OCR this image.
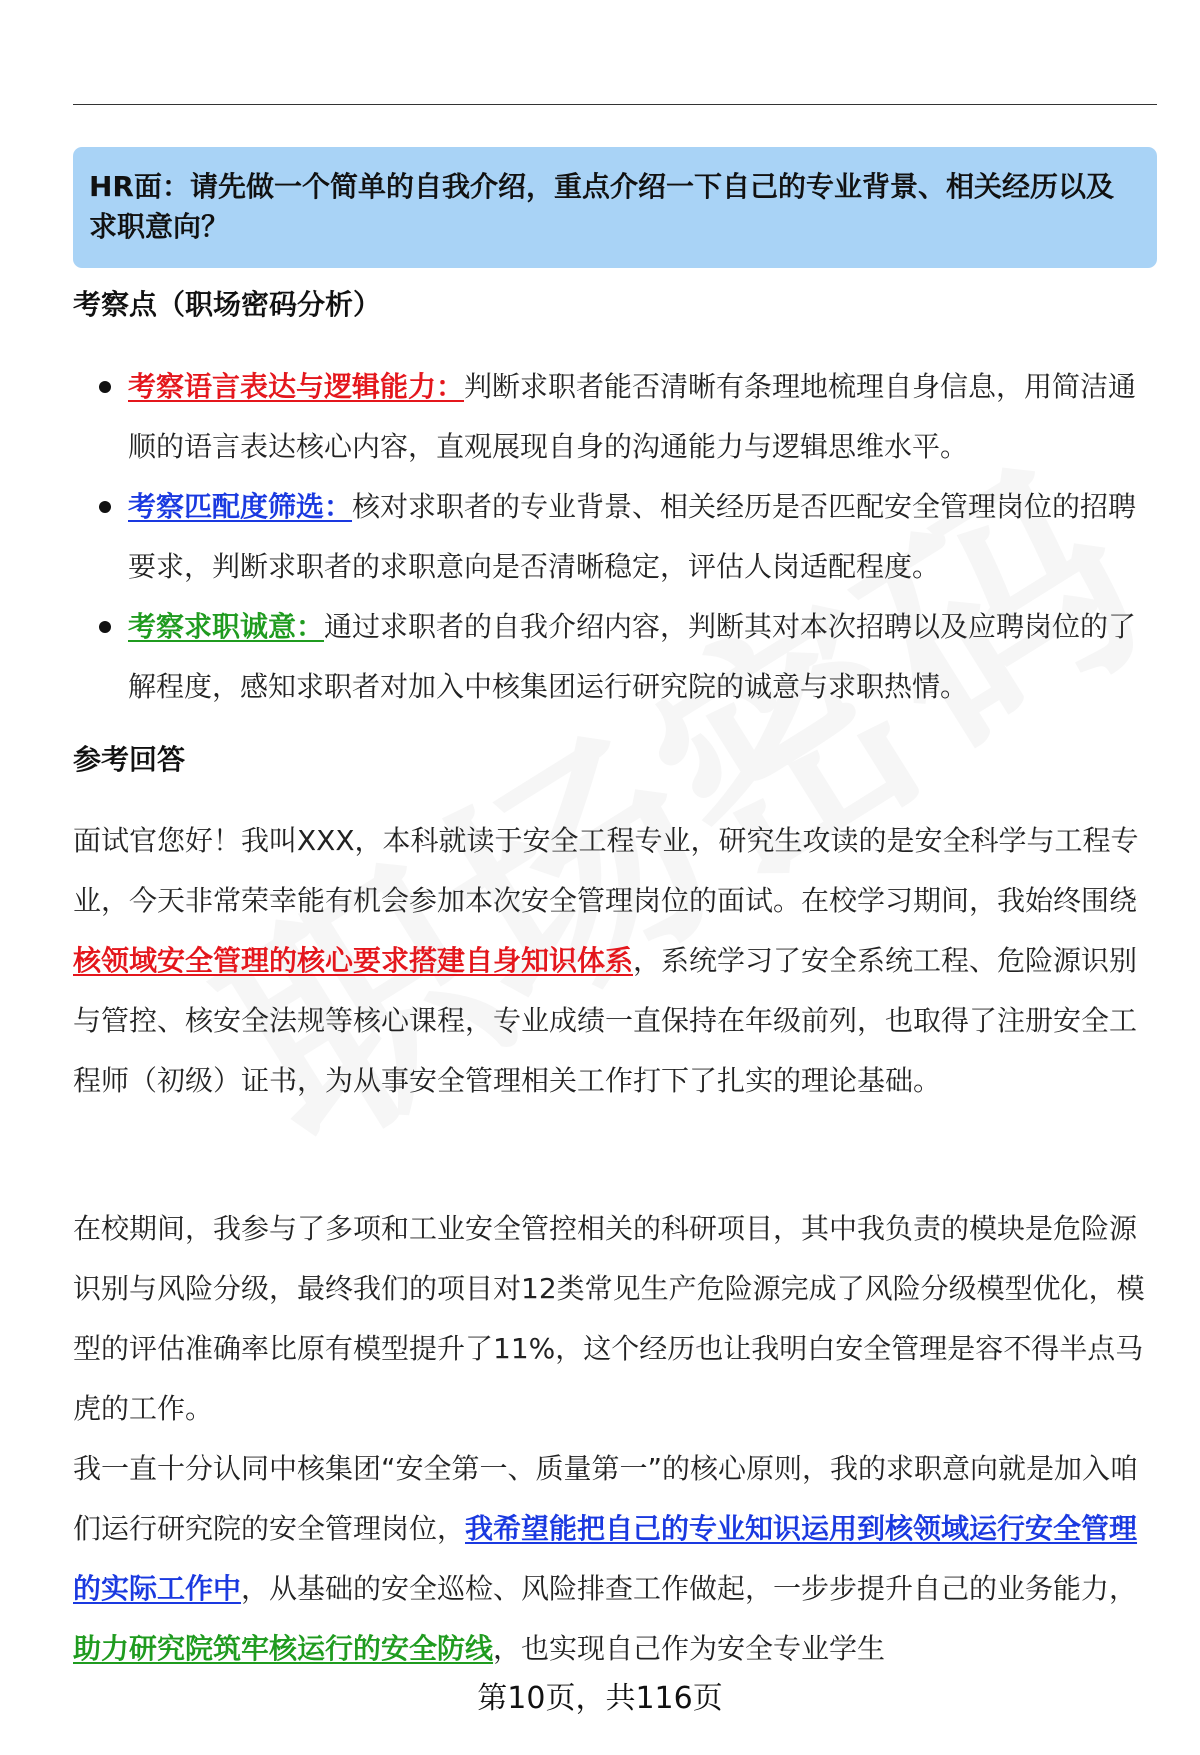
HR面：请先做一个简单的自我介绍，重点介绍一下自己的专业背景、相关经历以及求职意向？
考察点（职场密码分析）
考察语言表达与逻辑能力：判断求职者能否清晰有条理地梳理自身信息，用简洁通顺的语言表达核心内容，直观展现自身的沟通能力与逻辑思维水平。
考察匹配度筛选：核对求职者的专业背景、相关经历是否匹配安全管理岗位的招聘要求，判断求职者的求职意向是否清晰稳定，评估人岗适配程度。
考察求职诚意：通过求职者的自我介绍内容，判断其对本次招聘以及应聘岗位的了解程度，感知求职者对加入中核集团运行研究院的诚意与求职热情。
参考回答
面试官您好！我叫XXX，本科就读于安全工程专业，研究生攻读的是安全科学与工程专业，今天非常荣幸能有机会参加本次安全管理岗位的面试。在校学习期间，我始终围绕核领域安全管理的核心要求搭建自身知识体系，系统学习了安全系统工程、危险源识别与管控、核安全法规等核心课程，专业成绩一直保持在年级前列，也取得了注册安全工程师（初级）证书，为从事安全管理相关工作打下了扎实的理论基础。
在校期间，我参与了多项和工业安全管控相关的科研项目，其中我负责的模块是危险源识别与风险分级，最终我们的项目对12类常见生产危险源完成了风险分级模型优化，模型的评估准确率比原有模型提升了11%，这个经历也让我明白安全管理是容不得半点马虎的工作。
我一直十分认同中核集团“安全第一、质量第一”的核心原则，我的求职意向就是加入咱们运行研究院的安全管理岗位，我希望能把自己的专业知识运用到核领域运行安全管理的实际工作中，从基础的安全巡检、风险排查工作做起，一步步提升自己的业务能力，助力研究院筑牢核运行的安全防线，也实现自己作为安全专业学生
第10页，共116页
